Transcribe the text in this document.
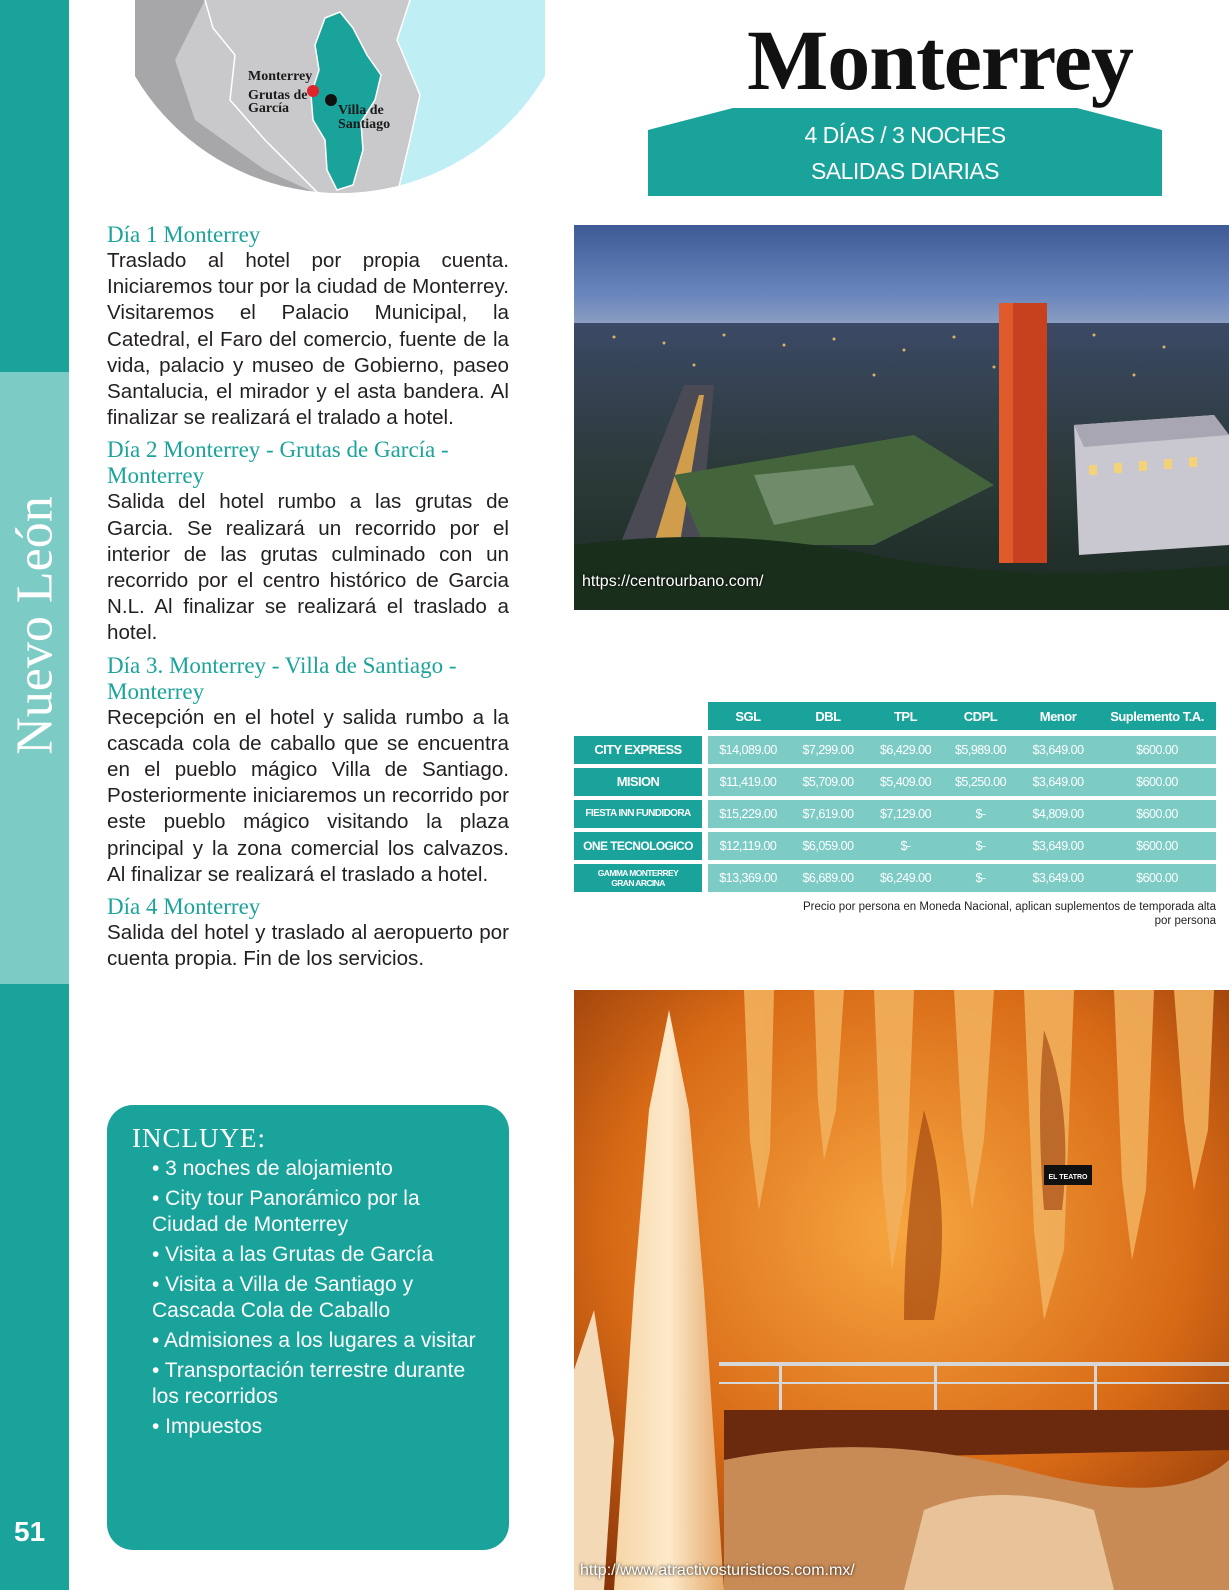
Nuevo León
51
Monterrey
Grutas de
García	Villa de
Santiago
Monterrey
4 DÍAS / 3 NOCHES
SALIDAS DIARIAS
Día 1 Monterrey
Traslado al hotel por propia cuenta. Iniciaremos tour por la ciudad de Monterrey. Visitaremos el Palacio Municipal, la Catedral, el Faro del comercio, fuente de la vida, palacio y museo de Gobierno, paseo Santalucia, el mirador y el asta bandera. Al finalizar se realizará el tralado a hotel.
Día 2 Monterrey - Grutas de García - Monterrey
Salida del hotel rumbo a las grutas de Garcia. Se realizará un recorrido por el interior de las grutas culminado con un recorrido por el centro histórico de Garcia N.L. Al finalizar se realizará el traslado a hotel.
Día 3. Monterrey - Villa de Santiago - Monterrey
Recepción en el hotel y salida rumbo a la cascada cola de caballo que se encuentra en el pueblo mágico Villa de Santiago. Posteriormente iniciaremos un recorrido por este pueblo mágico visitando la plaza principal y la zona comercial los calvazos. Al finalizar se realizará el traslado a hotel.
Día 4 Monterrey
Salida del hotel y traslado al aeropuerto por cuenta propia. Fin de los servicios.
INCLUYE:
• 3 noches de alojamiento
• City tour Panorámico por la Ciudad de Monterrey
• Visita a las Grutas de García
• Visita a Villa de Santiago y Cascada Cola de Caballo
• Admisiones a los lugares a visitar
• Transportación terrestre durante los recorridos
• Impuestos
https://centrourbano.com/
SGL	DBL	TPL	CDPL	Menor	Suplemento T.A.
CITY EXPRESS	$14,089.00	$7,299.00	$6,429.00	$5,989.00	$3,649.00	$600.00
MISION	$11,419.00	$5,709.00	$5,409.00	$5,250.00	$3,649.00	$600.00
FIESTA INN FUNDIDORA	$15,229.00	$7,619.00	$7,129.00	$-	$4,809.00	$600.00
ONE TECNOLOGICO	$12,119.00	$6,059.00	$-	$-	$3,649.00	$600.00
GAMMA MONTERREY GRAN ARCINA	$13,369.00	$6,689.00	$6,249.00	$-	$3,649.00	$600.00
Precio por persona en Moneda Nacional, aplican suplementos de temporada alta por persona
EL TEATRO
http://www.atractivosturisticos.com.mx/
